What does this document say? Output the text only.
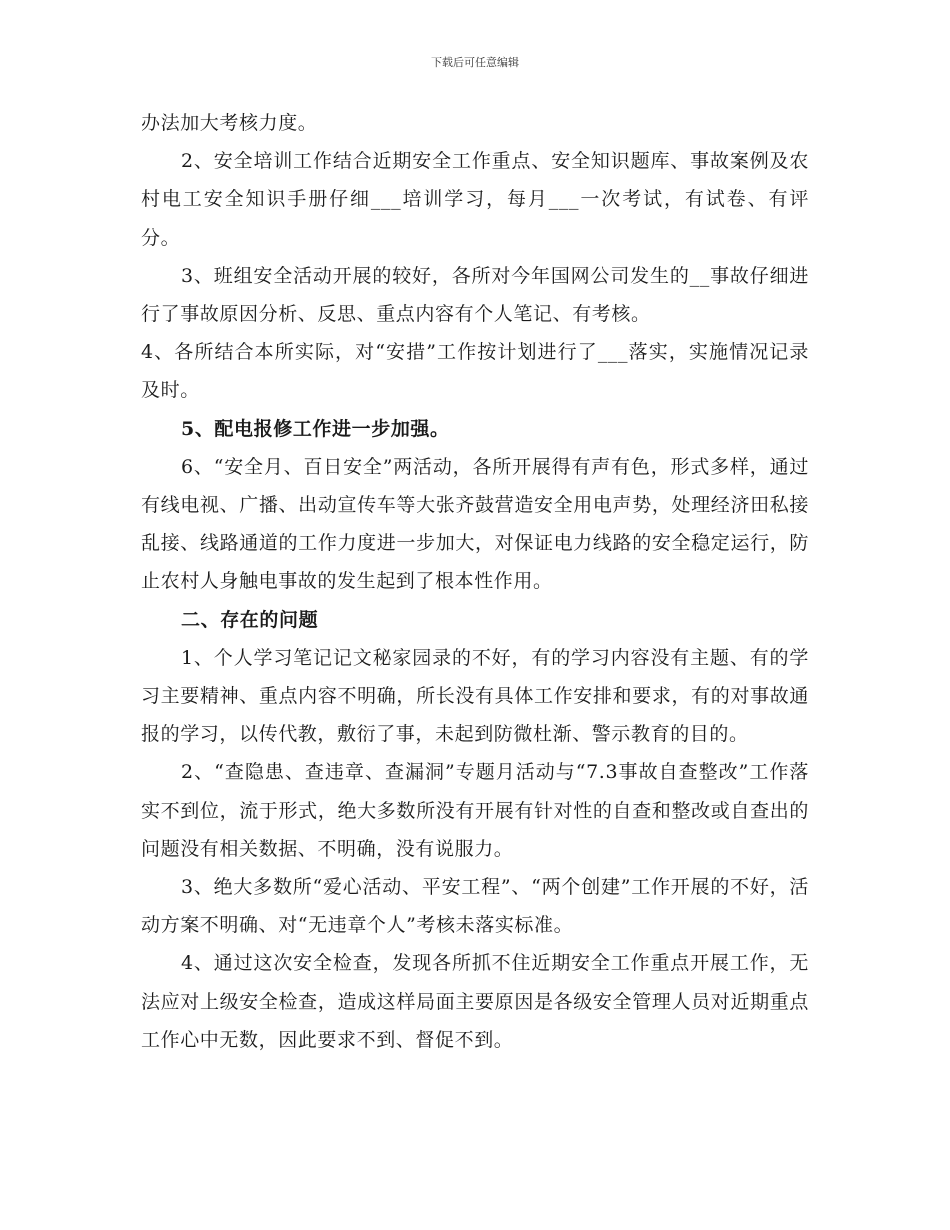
下载后可任意编辑

办法加大考核力度。

2、安全培训工作结合近期安全工作重点、安全知识题库、事故案例及农村电工安全知识手册仔细___培训学习，每月___一次考试，有试卷、有评分。

3、班组安全活动开展的较好，各所对今年国网公司发生的__事故仔细进行了事故原因分析、反思、重点内容有个人笔记、有考核。

4、各所结合本所实际，对“安措”工作按计划进行了___落实，实施情况记录及时。

5、配电报修工作进一步加强。

6、“安全月、百日安全”两活动，各所开展得有声有色，形式多样，通过有线电视、广播、出动宣传车等大张齐鼓营造安全用电声势，处理经济田私接乱接、线路通道的工作力度进一步加大，对保证电力线路的安全稳定运行，防止农村人身触电事故的发生起到了根本性作用。

二、存在的问题

1、个人学习笔记记文秘家园录的不好，有的学习内容没有主题、有的学习主要精神、重点内容不明确，所长没有具体工作安排和要求，有的对事故通报的学习，以传代教，敷衍了事，未起到防微杜渐、警示教育的目的。

2、“查隐患、查违章、查漏洞”专题月活动与“7.3事故自查整改”工作落实不到位，流于形式，绝大多数所没有开展有针对性的自查和整改或自查出的问题没有相关数据、不明确，没有说服力。

3、绝大多数所“爱心活动、平安工程”、“两个创建”工作开展的不好，活动方案不明确、对“无违章个人”考核未落实标准。

4、通过这次安全检查，发现各所抓不住近期安全工作重点开展工作，无法应对上级安全检查，造成这样局面主要原因是各级安全管理人员对近期重点工作心中无数，因此要求不到、督促不到。
